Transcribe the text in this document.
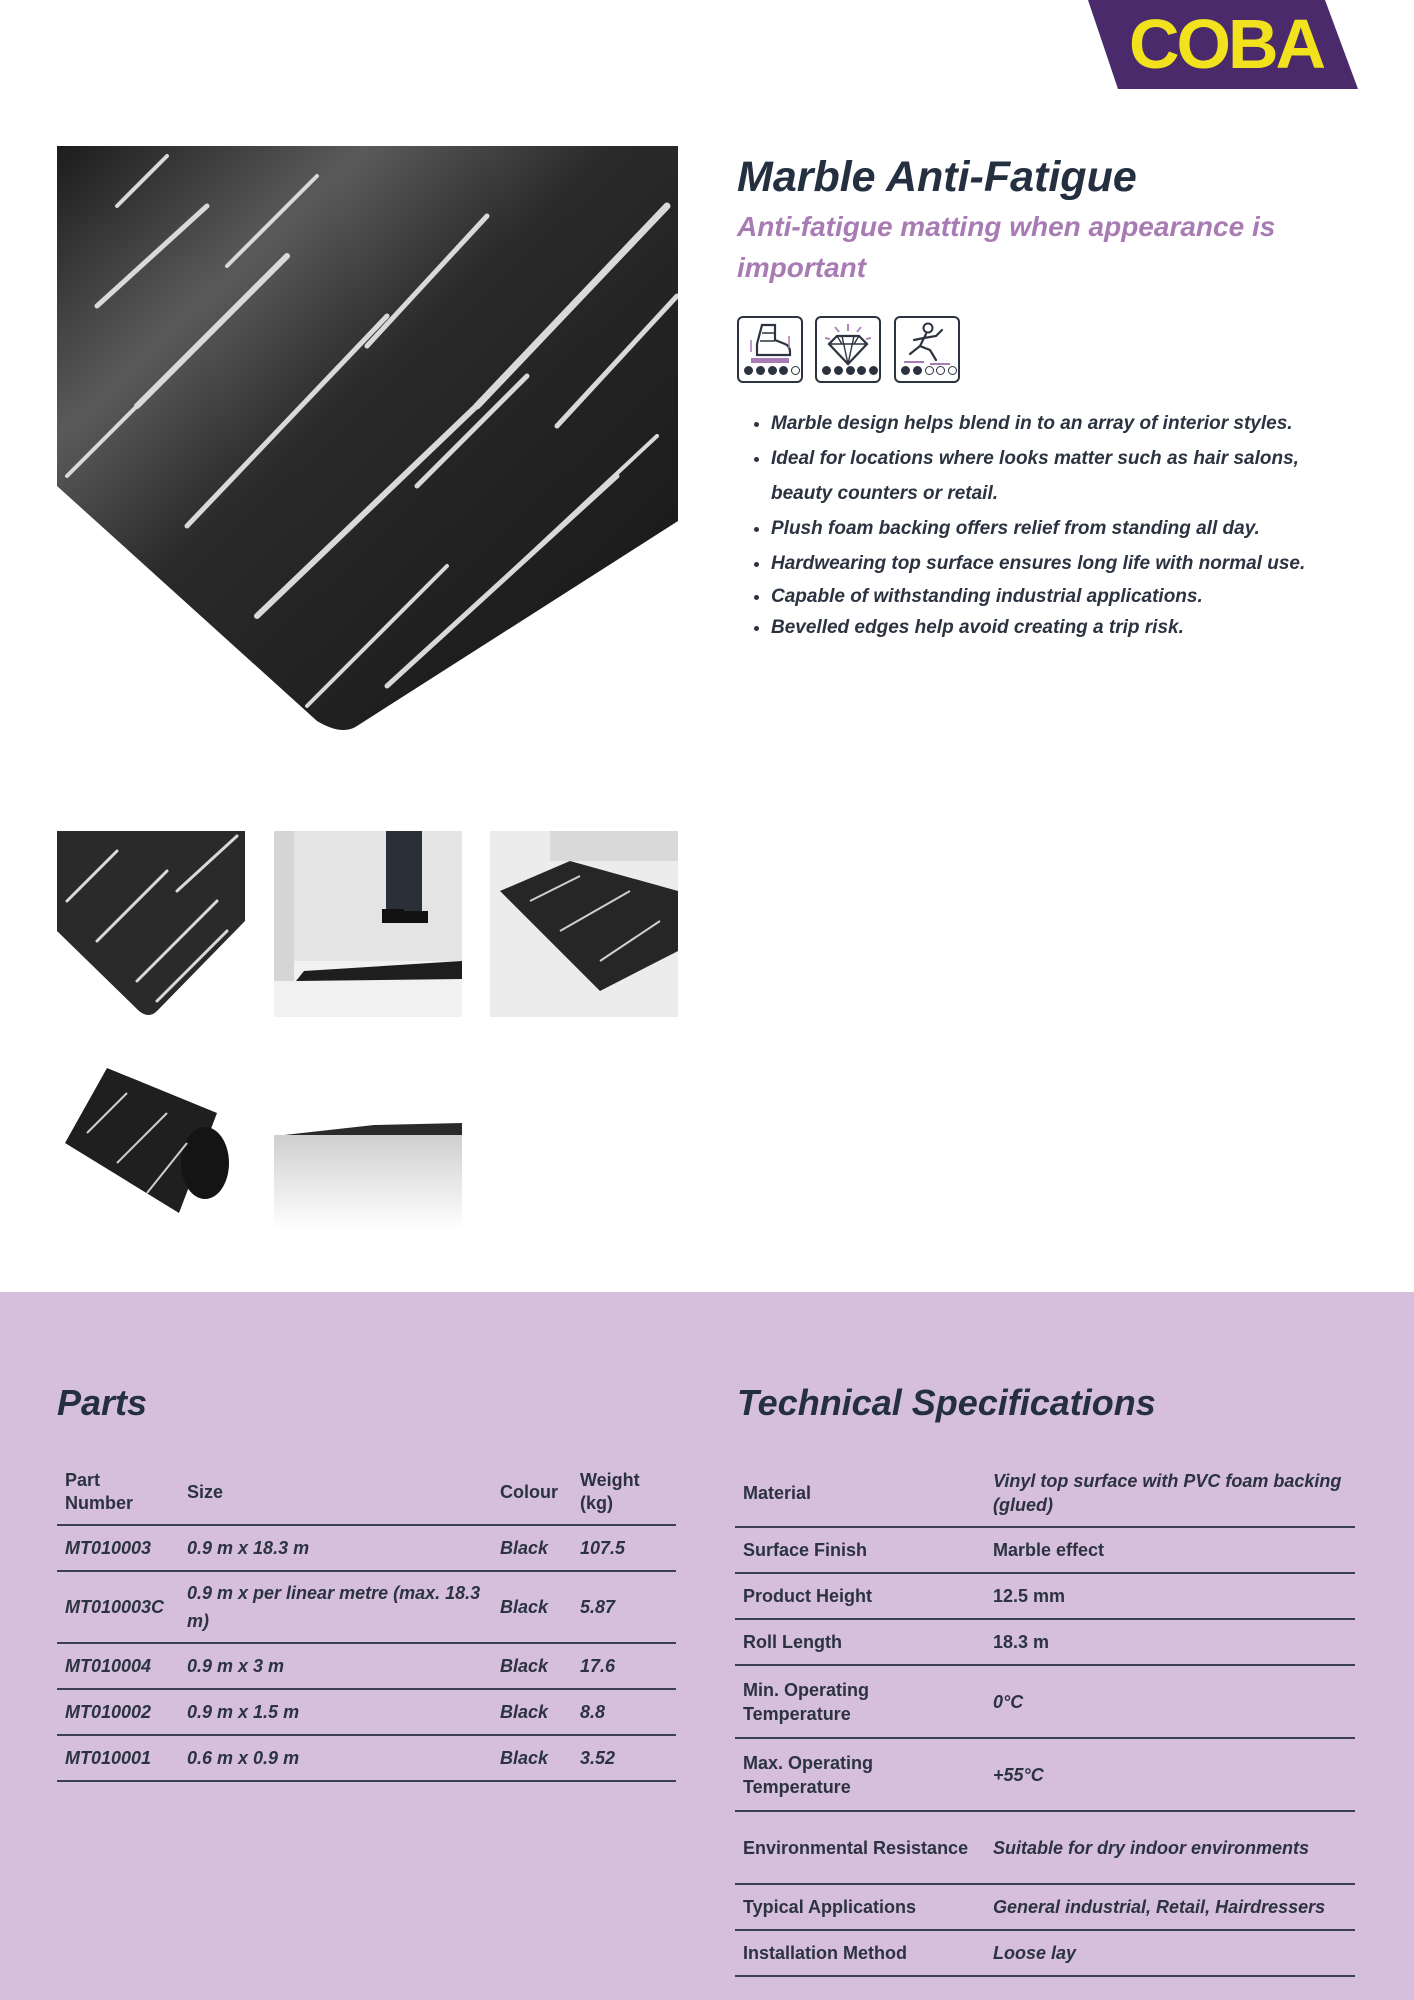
COBA
Marble Anti-Fatigue

Anti-fatigue matting when appearance is important

• Marble design helps blend in to an array of interior styles.
• Ideal for locations where looks matter such as hair salons, beauty counters or retail.
• Plush foam backing offers relief from standing all day.
• Hardwearing top surface ensures long life with normal use.
• Capable of withstanding industrial applications.
• Bevelled edges help avoid creating a trip risk.
Parts	Technical Specifications
Part Number	Size	Colour	Weight (kg)
MT010003	0.9 m x 18.3 m	Black	107.5
MT010003C	0.9 m x per linear metre (max. 18.3 m)	Black	5.87
MT010004	0.9 m x 3 m	Black	17.6
MT010002	0.9 m x 1.5 m	Black	8.8
MT010001	0.6 m x 0.9 m	Black	3.52
Material	Vinyl top surface with PVC foam backing (glued)
Surface Finish	Marble effect
Product Height	12.5 mm
Roll Length	18.3 m
Min. Operating Temperature	0°C
Max. Operating Temperature	+55°C
Environmental Resistance	Suitable for dry indoor environments
Typical Applications	General industrial, Retail, Hairdressers
Installation Method	Loose lay
